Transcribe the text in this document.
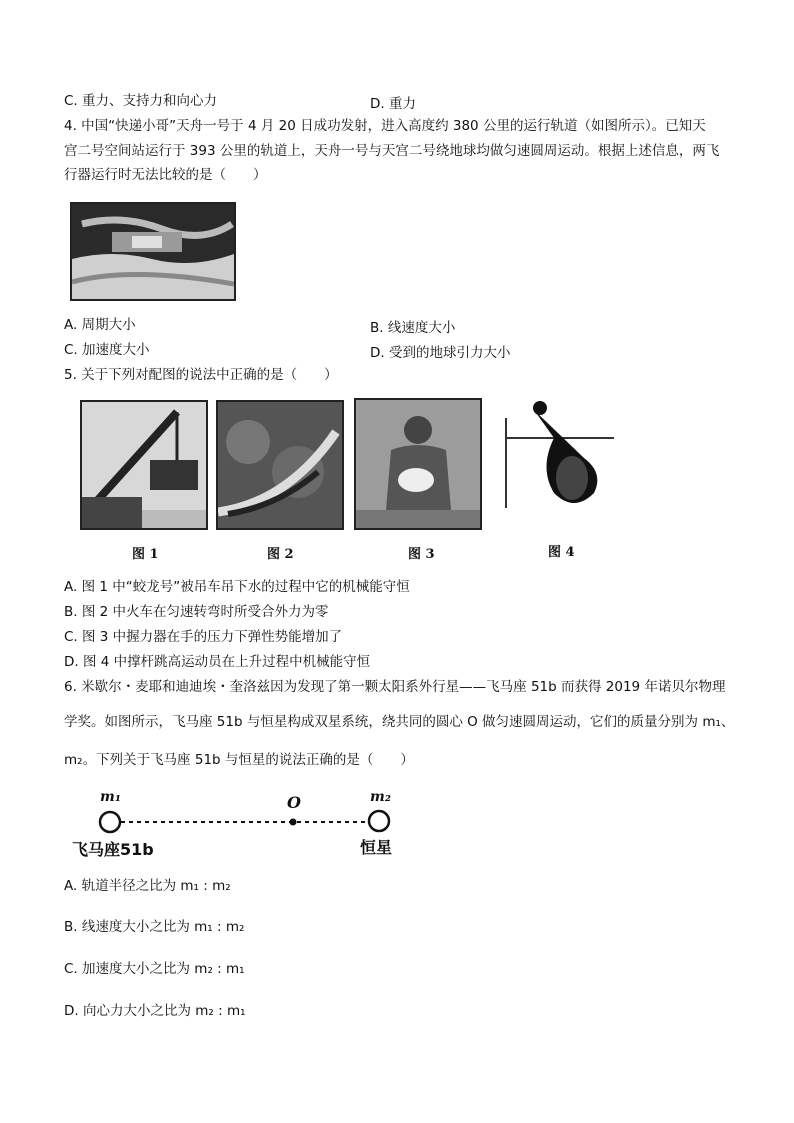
C. 重力、支持力和向心力	D. 重力
4. 中国“快递小哥”天舟一号于 4 月 20 日成功发射，进入高度约 380 公里的运行轨道（如图所示）。已知天
宫二号空间站运行于 393 公里的轨道上，天舟一号与天宫二号绕地球均做匀速圆周运动。根据上述信息，两飞
行器运行时无法比较的是（　　）
A. 周期大小	B. 线速度大小
C. 加速度大小	D. 受到的地球引力大小
5. 关于下列对配图的说法中正确的是（　　）
图 1	图 2	图 3	图 4
A. 图 1 中“蛟龙号”被吊车吊下水的过程中它的机械能守恒
B. 图 2 中火车在匀速转弯时所受合外力为零
C. 图 3 中握力器在手的压力下弹性势能增加了
D. 图 4 中撑杆跳高运动员在上升过程中机械能守恒
6. 米歇尔・麦耶和迪迪埃・奎洛兹因为发现了第一颗太阳系外行星——飞马座 51b 而获得 2019 年诺贝尔物理
学奖。如图所示，飞马座 51b 与恒星构成双星系统，绕共同的圆心 O 做匀速圆周运动，它们的质量分别为 m₁、
m₂。下列关于飞马座 51b 与恒星的说法正确的是（　　）
m₁	O	m₂
飞马座51b	恒星
A. 轨道半径之比为 m₁ : m₂
B. 线速度大小之比为 m₁ : m₂
C. 加速度大小之比为 m₂ : m₁
D. 向心力大小之比为 m₂ : m₁
